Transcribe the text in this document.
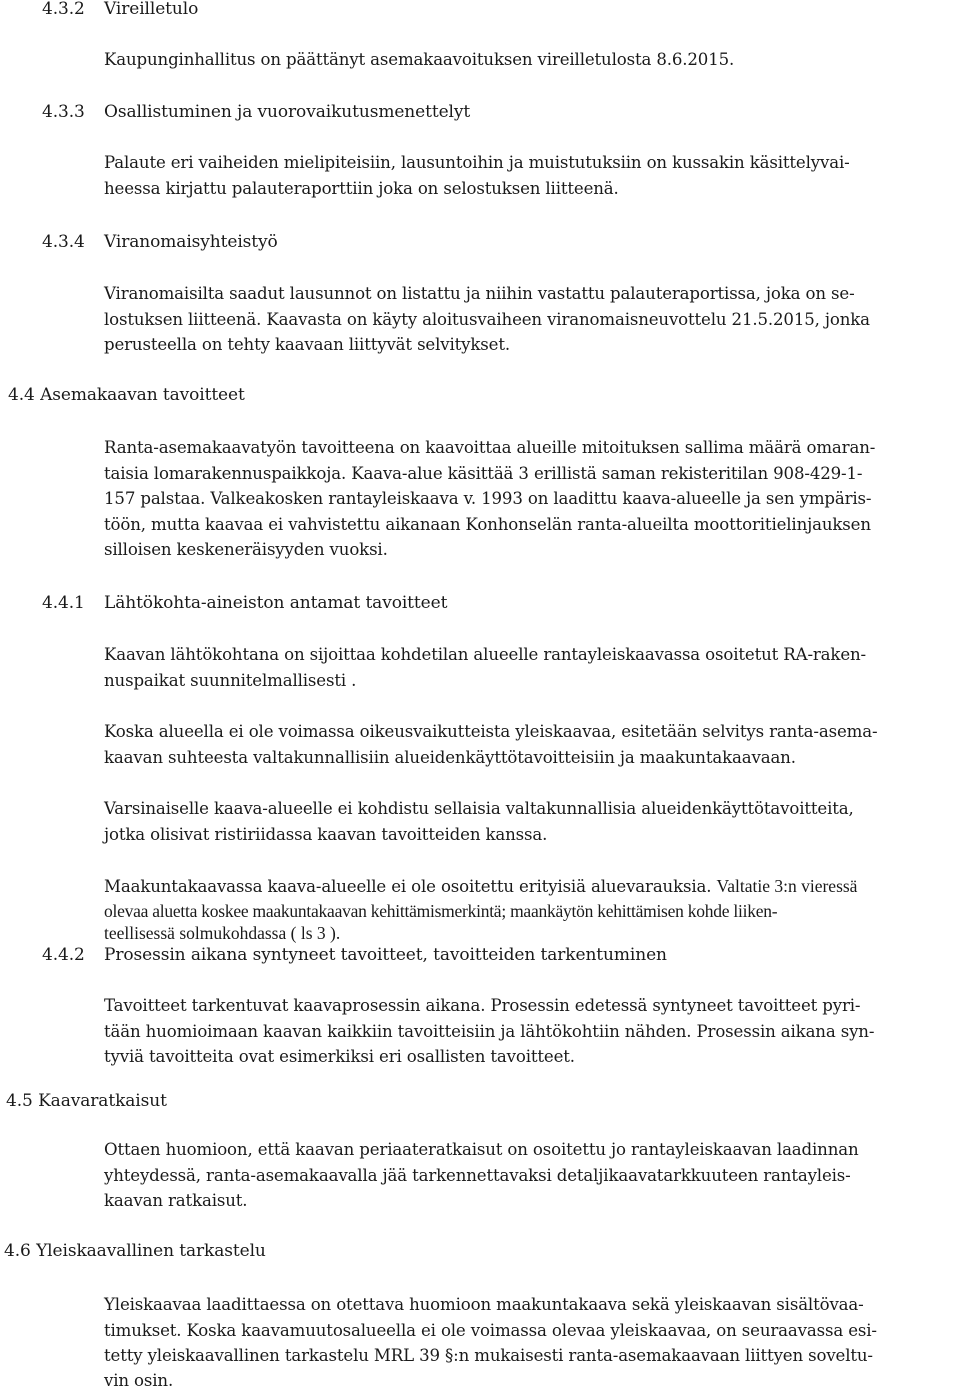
4.3.2 Vireilletulo
Kaupunginhallitus on päättänyt asemakaavoituksen vireilletulosta 8.6.2015.
4.3.3 Osallistuminen ja vuorovaikutusmenettelyt
Palaute eri vaiheiden mielipiteisiin, lausuntoihin ja muistutuksiin on kussakin käsittelyvai-
heessa kirjattu palauteraporttiin joka on selostuksen liitteenä.
4.3.4 Viranomaisyhteistyö
Viranomaisilta saadut lausunnot on listattu ja niihin vastattu palauteraportissa, joka on se-
lostuksen liitteenä. Kaavasta on käyty aloitusvaiheen viranomaisneuvottelu 21.5.2015, jonka
perusteella on tehty kaavaan liittyvät selvitykset.
4.4 Asemakaavan tavoitteet
Ranta-asemakaavatyön tavoitteena on kaavoittaa alueille mitoituksen sallima määrä omaran-
taisia lomarakennuspaikkoja. Kaava-alue käsittää 3 erillistä saman rekisteritilan 908-429-1-
157 palstaa. Valkeakosken rantayleiskaava v. 1993 on laadittu kaava-alueelle ja sen ympäris-
töön, mutta kaavaa ei vahvistettu aikanaan Konhonselän ranta-alueilta moottoritielinjauksen
silloisen keskeneräisyyden vuoksi.
4.4.1 Lähtökohta-aineiston antamat tavoitteet
Kaavan lähtökohtana on sijoittaa kohdetilan alueelle rantayleiskaavassa osoitetut RA-raken-
nuspaikat suunnitelmallisesti .
Koska alueella ei ole voimassa oikeusvaikutteista yleiskaavaa, esitetään selvitys ranta-asema-
kaavan suhteesta valtakunnallisiin alueidenkäyttötavoitteisiin ja maakuntakaavaan.
Varsinaiselle kaava-alueelle ei kohdistu sellaisia valtakunnallisia alueidenkäyttötavoitteita,
jotka olisivat ristiriidassa kaavan tavoitteiden kanssa.
Maakuntakaavassa kaava-alueelle ei ole osoitettu erityisiä aluevarauksia. Valtatie 3:n vieressä
olevaa aluetta koskee maakuntakaavan kehittämismerkintä; maankäytön kehittämisen kohde liiken-
teellisessä solmukohdassa ( ls 3 ).
4.4.2 Prosessin aikana syntyneet tavoitteet, tavoitteiden tarkentuminen
Tavoitteet tarkentuvat kaavaprosessin aikana. Prosessin edetessä syntyneet tavoitteet pyri-
tään huomioimaan kaavan kaikkiin tavoitteisiin ja lähtökohtiin nähden. Prosessin aikana syn-
tyviä tavoitteita ovat esimerkiksi eri osallisten tavoitteet.
4.5 Kaavaratkaisut
Ottaen huomioon, että kaavan periaateratkaisut on osoitettu jo rantayleiskaavan laadinnan
yhteydessä, ranta-asemakaavalla jää tarkennettavaksi detaljikaavatarkkuuteen rantayleis-
kaavan ratkaisut.
4.6 Yleiskaavallinen tarkastelu
Yleiskaavaa laadittaessa on otettava huomioon maakuntakaava sekä yleiskaavan sisältövaa-
timukset. Koska kaavamuutosalueella ei ole voimassa olevaa yleiskaavaa, on seuraavassa esi-
tetty yleiskaavallinen tarkastelu MRL 39 §:n mukaisesti ranta-asemakaavaan liittyen soveltu-
vin osin.
